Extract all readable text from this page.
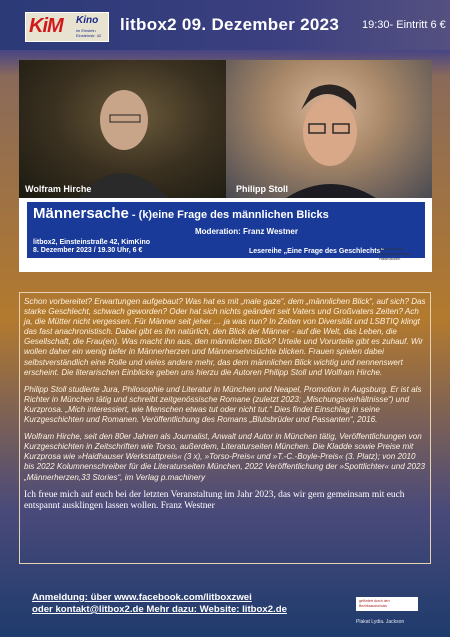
KiM Kino
im Einstein Einsteinstr. 42
litbox2 09. Dezember 2023 19:30- Eintritt 6 €
Wolfram Hirche	Philipp Stoll
Männersache - (k)eine Frage des männlichen Blicks
Moderation: Franz Westner
litbox2, Einsteinstraße 42, KimKino
8. Dezember 2023 / 19.30 Uhr, 6 €	Lesereihe „Eine Frage des Geschlechts“
gefördert vom Bezirksausschuss Haidhausen

Schon vorbereitet? Erwartungen aufgebaut? Was hat es mit „male gaze“, dem „männlichen Blick“, auf sich? Das starke Geschlecht, schwach geworden? Oder hat sich nichts geändert seit Vaters und Großvaters Zeiten? Ach ja, die Mütter nicht vergessen. Für Männer seit jeher … ja was nun? In Zeiten von Diversität und LSBTIQ klingt das fast anachronistisch. Dabei gibt es ihn natürlich, den Blick der Männer - auf die Welt, das Leben, die Gesellschaft, die Frau(en). Was macht ihn aus, den männlichen Blick? Urteile und Vorurteile gibt es zuhauf. Wir wollen daher ein wenig tiefer in Männerherzen und Männersehnsüchte blicken. Frauen spielen dabei selbstverständlich eine Rolle und vieles andere mehr, das dem männlichen Blick wichtig und nennenswert erscheint. Die literarischen Einblicke geben uns hierzu die Autoren Philipp Stoll und Wolfram Hirche.

Philipp Stoll studierte Jura, Philosophie und Literatur in München und Neapel, Promotion in Augsburg. Er ist als Richter in München tätig und schreibt zeitgenössische Romane (zuletzt 2023: „Mischungsverhältnisse“) und Kurzprosa. „Mich interessiert, wie Menschen etwas tut oder nicht tut.“ Dies findet Einschlag in seine Kurzgeschichten und Romanen. Veröffentlichung des Romans „Blutsbrüder und Passanten“, 2016.

Wolfram Hirche, seit den 80er Jahren als Journalist, Anwalt und Autor in München tätig, Veröffentlichungen von Kurzgeschichten in Zeitschriften wie Torso, außerdem, Literaturseiten München. Die Kladde sowie Preise mit Kurzprosa wie »Haidhauser Werkstattpreis« (3 x), »Torso-Preis« und »T.-C.-Boyle-Preis« (3. Platz); von 2010 bis 2022 Kolumnenschreiber für die Literaturseiten München, 2022 Veröffentlichung der »Spottlichter« und 2023 „Männerherzen,33 Stories“, im Verlag p.machinery

Ich freue mich auf euch bei der letzten Veranstaltung im Jahr 2023, das wir gern gemeinsam mit euch entspannt ausklingen lassen wollen. Franz Westner

Anmeldung: über www.facebook.com/litboxzwei
oder kontakt@litbox2.de Mehr dazu: Website: litbox2.de
gefördert durch den Bezirksausschuss
Plakat Lydia. Jackson
